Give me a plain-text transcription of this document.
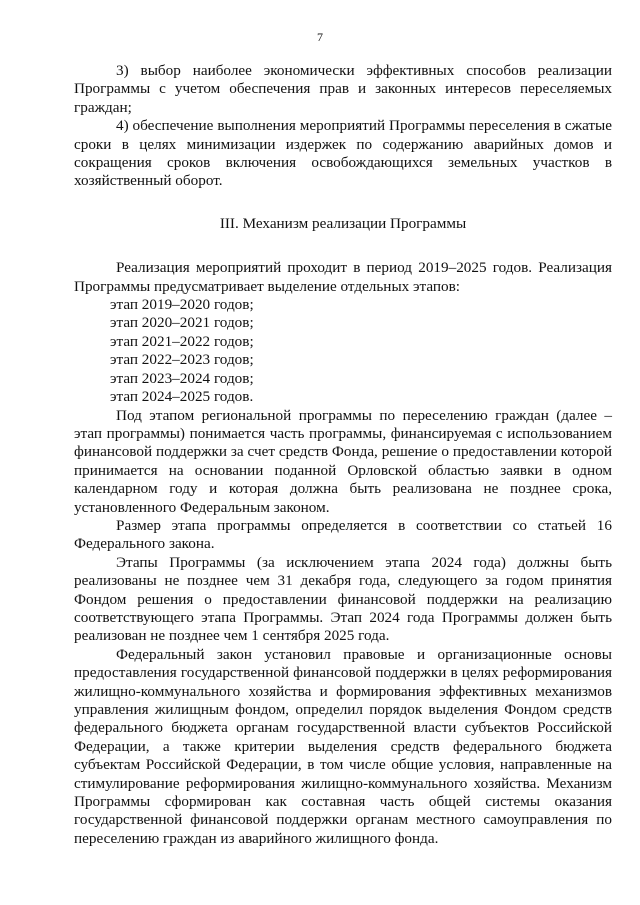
7

3) выбор наиболее экономически эффективных способов реализации Программы с учетом обеспечения прав и законных интересов переселяемых граждан;

4) обеспечение выполнения мероприятий Программы переселения в сжатые сроки в целях минимизации издержек по содержанию аварийных домов и сокращения сроков включения освобождающихся земельных участков в хозяйственный оборот.

III. Механизм реализации Программы

Реализация мероприятий проходит в период 2019–2025 годов. Реализация Программы предусматривает выделение отдельных этапов:

этап 2019–2020 годов;
этап 2020–2021 годов;
этап 2021–2022 годов;
этап 2022–2023 годов;
этап 2023–2024 годов;
этап 2024–2025 годов.

Под этапом региональной программы по переселению граждан (далее – этап программы) понимается часть программы, финансируемая с использованием финансовой поддержки за счет средств Фонда, решение о предоставлении которой принимается на основании поданной Орловской областью заявки в одном календарном году и которая должна быть реализована не позднее срока, установленного Федеральным законом.

Размер этапа программы определяется в соответствии со статьей 16 Федерального закона.

Этапы Программы (за исключением этапа 2024 года) должны быть реализованы не позднее чем 31 декабря года, следующего за годом принятия Фондом решения о предоставлении финансовой поддержки на реализацию соответствующего этапа Программы. Этап 2024 года Программы должен быть реализован не позднее чем 1 сентября 2025 года.

Федеральный закон установил правовые и организационные основы предоставления государственной финансовой поддержки в целях реформирования жилищно-коммунального хозяйства и формирования эффективных механизмов управления жилищным фондом, определил порядок выделения Фондом средств федерального бюджета органам государственной власти субъектов Российской Федерации, а также критерии выделения средств федерального бюджета субъектам Российской Федерации, в том числе общие условия, направленные на стимулирование реформирования жилищно-коммунального хозяйства. Механизм Программы сформирован как составная часть общей системы оказания государственной финансовой поддержки органам местного самоуправления по переселению граждан из аварийного жилищного фонда.
